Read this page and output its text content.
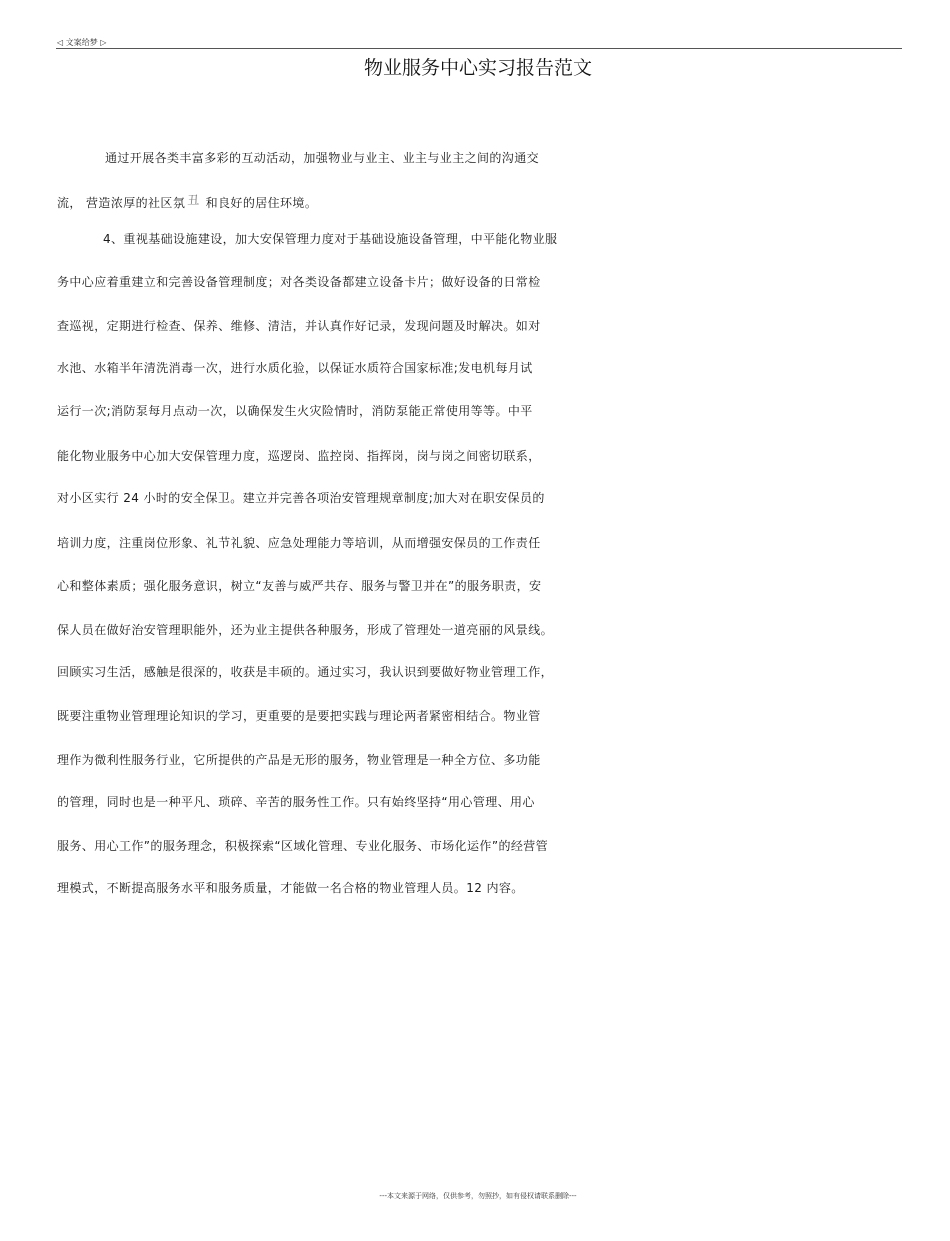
◁ 文案给梦 ▷
物业服务中心实习报告范文
通过开展各类丰富多彩的互动活动，加强物业与业主、业主与业主之间的沟通交
流， 营造浓厚的社区氛 丑 和良好的居住环境。
4、重视基础设施建设，加大安保管理力度对于基础设施设备管理，中平能化物业服
务中心应着重建立和完善设备管理制度；对各类设备都建立设备卡片；做好设备的日常检
查巡视，定期进行检查、保养、维修、清洁，并认真作好记录，发现问题及时解决。如对
水池、水箱半年清洗消毒一次，进行水质化验，以保证水质符合国家标准;发电机每月试
运行一次;消防泵每月点动一次，以确保发生火灾险情时，消防泵能正常使用等等。中平
能化物业服务中心加大安保管理力度，巡逻岗、监控岗、指挥岗，岗与岗之间密切联系，
对小区实行 24 小时的安全保卫。建立并完善各项治安管理规章制度;加大对在职安保员的
培训力度，注重岗位形象、礼节礼貌、应急处理能力等培训，从而增强安保员的工作责任
心和整体素质；强化服务意识，树立“友善与威严共存、服务与警卫并在”的服务职责，安
保人员在做好治安管理职能外，还为业主提供各种服务，形成了管理处一道亮丽的风景线。
回顾实习生活，感触是很深的，收获是丰硕的。通过实习，我认识到要做好物业管理工作，
既要注重物业管理理论知识的学习，更重要的是要把实践与理论两者紧密相结合。物业管
理作为微利性服务行业，它所提供的产品是无形的服务，物业管理是一种全方位、多功能
的管理，同时也是一种平凡、琐碎、辛苦的服务性工作。只有始终坚持“用心管理、用心
服务、用心工作”的服务理念，积极探索“区域化管理、专业化服务、市场化运作”的经营管
理模式，不断提高服务水平和服务质量，才能做一名合格的物业管理人员。12 内容。
---本文来源于网络，仅供参考，勿照抄，如有侵权请联系删除---
